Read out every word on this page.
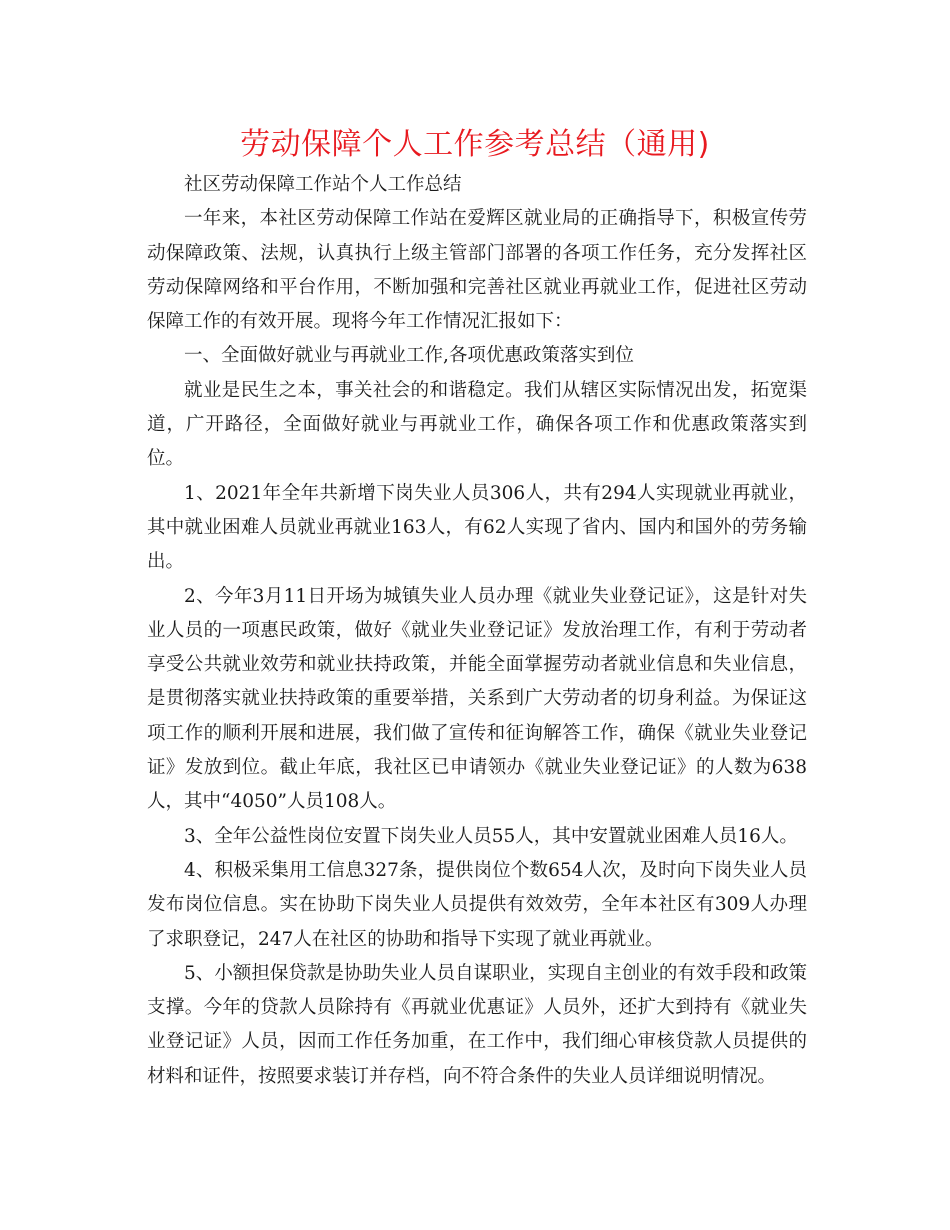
劳动保障个人工作参考总结（通用)

社区劳动保障工作站个人工作总结

一年来，本社区劳动保障工作站在爱辉区就业局的正确指导下，积极宣传劳动保障政策、法规，认真执行上级主管部门部署的各项工作任务，充分发挥社区劳动保障网络和平台作用，不断加强和完善社区就业再就业工作，促进社区劳动保障工作的有效开展。现将今年工作情况汇报如下：

一、全面做好就业与再就业工作,各项优惠政策落实到位

就业是民生之本，事关社会的和谐稳定。我们从辖区实际情况出发，拓宽渠道，广开路径，全面做好就业与再就业工作，确保各项工作和优惠政策落实到位。

1、2021年全年共新增下岗失业人员306人，共有294人实现就业再就业，其中就业困难人员就业再就业163人，有62人实现了省内、国内和国外的劳务输出。

2、今年3月11日开场为城镇失业人员办理《就业失业登记证》，这是针对失业人员的一项惠民政策，做好《就业失业登记证》发放治理工作，有利于劳动者享受公共就业效劳和就业扶持政策，并能全面掌握劳动者就业信息和失业信息，是贯彻落实就业扶持政策的重要举措，关系到广大劳动者的切身利益。为保证这项工作的顺利开展和进展，我们做了宣传和征询解答工作，确保《就业失业登记证》发放到位。截止年底，我社区已申请领办《就业失业登记证》的人数为638人，其中“4050”人员108人。

3、全年公益性岗位安置下岗失业人员55人，其中安置就业困难人员16人。

4、积极采集用工信息327条，提供岗位个数654人次，及时向下岗失业人员发布岗位信息。实在协助下岗失业人员提供有效效劳，全年本社区有309人办理了求职登记，247人在社区的协助和指导下实现了就业再就业。

5、小额担保贷款是协助失业人员自谋职业，实现自主创业的有效手段和政策支撑。今年的贷款人员除持有《再就业优惠证》人员外，还扩大到持有《就业失业登记证》人员，因而工作任务加重，在工作中，我们细心审核贷款人员提供的材料和证件，按照要求装订并存档，向不符合条件的失业人员详细说明情况。
